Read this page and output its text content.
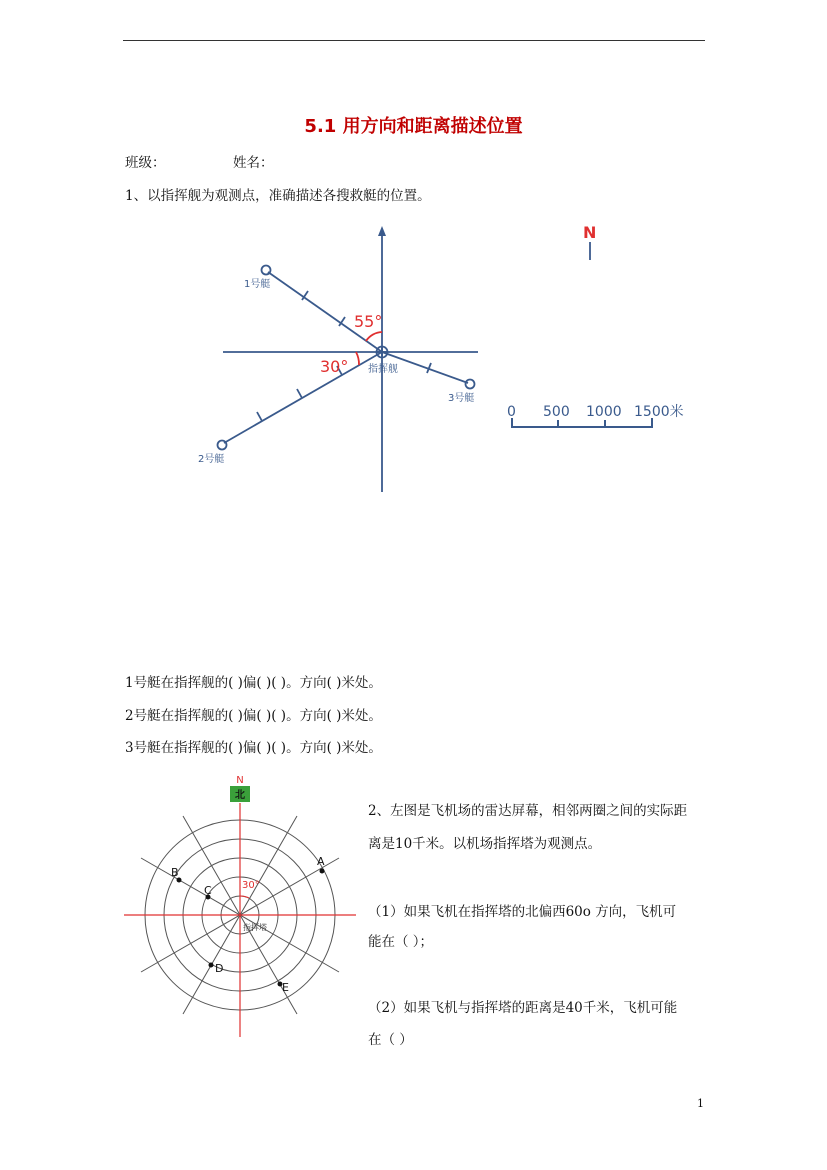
5.1 用方向和距离描述位置
班级：	姓名：
1、以指挥舰为观测点，准确描述各搜救艇的位置。
55°
30° 指挥舰
1号艇
2号艇
3号艇
N
0 500 1000 1500米
1号艇在指挥舰的( )偏( )( )。方向( )米处。
2号艇在指挥舰的( )偏( )( )。方向( )米处。
3号艇在指挥舰的( )偏( )( )。方向( )米处。
N
北
30°
指挥塔
A
B
C
D
E
2、左图是飞机场的雷达屏幕，相邻两圈之间的实际距
离是10千米。以机场指挥塔为观测点。
（1）如果飞机在指挥塔的北偏西60o 方向，飞机可
能在（ ）；
（2）如果飞机与指挥塔的距离是40千米，飞机可能
在（ ）
1
